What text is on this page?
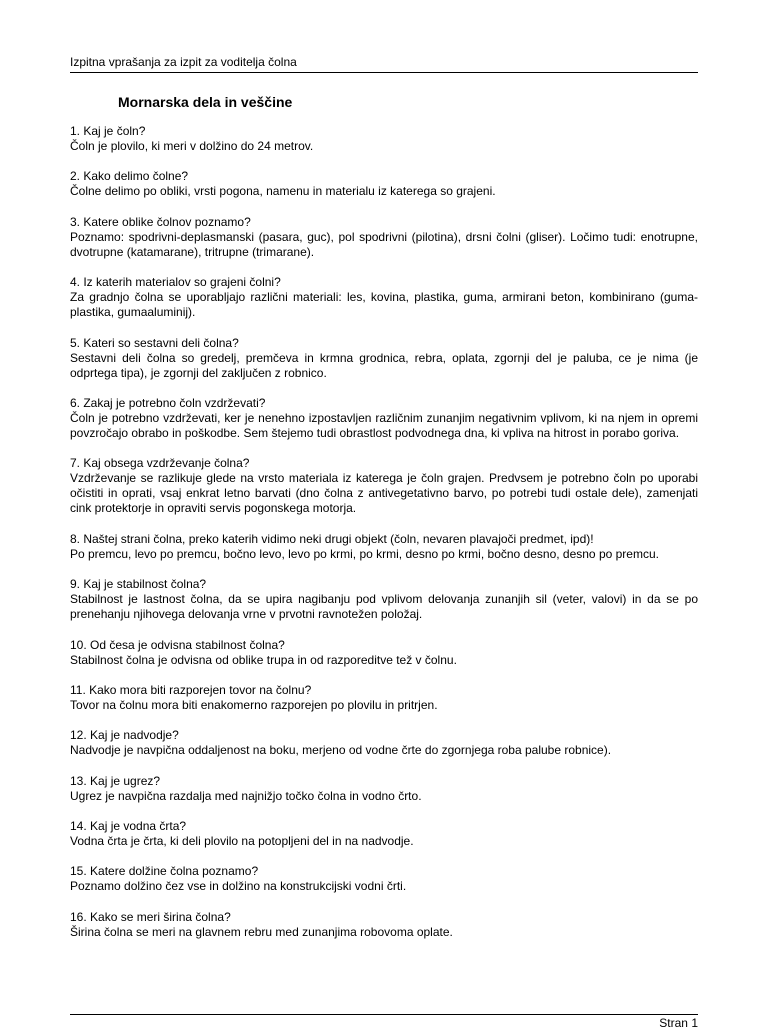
Izpitna vprašanja za izpit za voditelja čolna
Mornarska dela in veščine
1. Kaj je čoln?
Čoln je plovilo, ki meri v dolžino do 24 metrov.
2. Kako delimo čolne?
Čolne delimo po obliki, vrsti pogona, namenu in materialu iz katerega so grajeni.
3. Katere oblike čolnov poznamo?
Poznamo: spodrivni-deplasmanski (pasara, guc), pol spodrivni (pilotina), drsni čolni (gliser). Ločimo tudi: enotrupne, dvotrupne (katamarane), tritrupne (trimarane).
4. Iz katerih materialov so grajeni čolni?
Za gradnjo čolna se uporabljajo različni materiali: les, kovina, plastika, guma, armirani beton, kombinirano (guma-plastika, gumaaluminij).
5. Kateri so sestavni deli čolna?
Sestavni deli čolna so gredelj, premčeva in krmna grodnica, rebra, oplata, zgornji del je paluba, ce je nima (je odprtega tipa), je zgornji del zaključen z robnico.
6. Zakaj je potrebno čoln vzdrževati?
Čoln je potrebno vzdrževati, ker je nenehno izpostavljen različnim zunanjim negativnim vplivom, ki na njem in opremi povzročajo obrabo in poškodbe. Sem štejemo tudi obrastlost podvodnega dna, ki vpliva na hitrost in porabo goriva.
7. Kaj obsega vzdrževanje čolna?
Vzdrževanje se razlikuje glede na vrsto materiala iz katerega je čoln grajen. Predvsem je potrebno čoln po uporabi očistiti in oprati, vsaj enkrat letno barvati (dno čolna z antivegetativno barvo, po potrebi tudi ostale dele), zamenjati cink protektorje in opraviti servis pogonskega motorja.
8. Naštej strani čolna, preko katerih vidimo neki drugi objekt (čoln, nevaren plavajoči predmet, ipd)!
Po premcu, levo po premcu, bočno levo, levo po krmi, po krmi, desno po krmi, bočno desno, desno po premcu.
9. Kaj je stabilnost čolna?
Stabilnost je lastnost čolna, da se upira nagibanju pod vplivom delovanja zunanjih sil (veter, valovi) in da se po prenehanju njihovega delovanja vrne v prvotni ravnotežen položaj.
10. Od česa je odvisna stabilnost čolna?
Stabilnost čolna je odvisna od oblike trupa in od razporeditve tež v čolnu.
11. Kako mora biti razporejen tovor na čolnu?
Tovor na čolnu mora biti enakomerno razporejen po plovilu in pritrjen.
12. Kaj je nadvodje?
Nadvodje je navpična oddaljenost na boku, merjeno od vodne črte do zgornjega roba palube robnice).
13. Kaj je ugrez?
Ugrez je navpična razdalja med najnižjo točko čolna in vodno črto.
14. Kaj je vodna črta?
Vodna črta je črta, ki deli plovilo na potopljeni del in na nadvodje.
15. Katere dolžine čolna poznamo?
Poznamo dolžino čez vse in dolžino na konstrukcijski vodni črti.
16. Kako se meri širina čolna?
Širina čolna se meri na glavnem rebru med zunanjima robovoma oplate.
Stran 1
